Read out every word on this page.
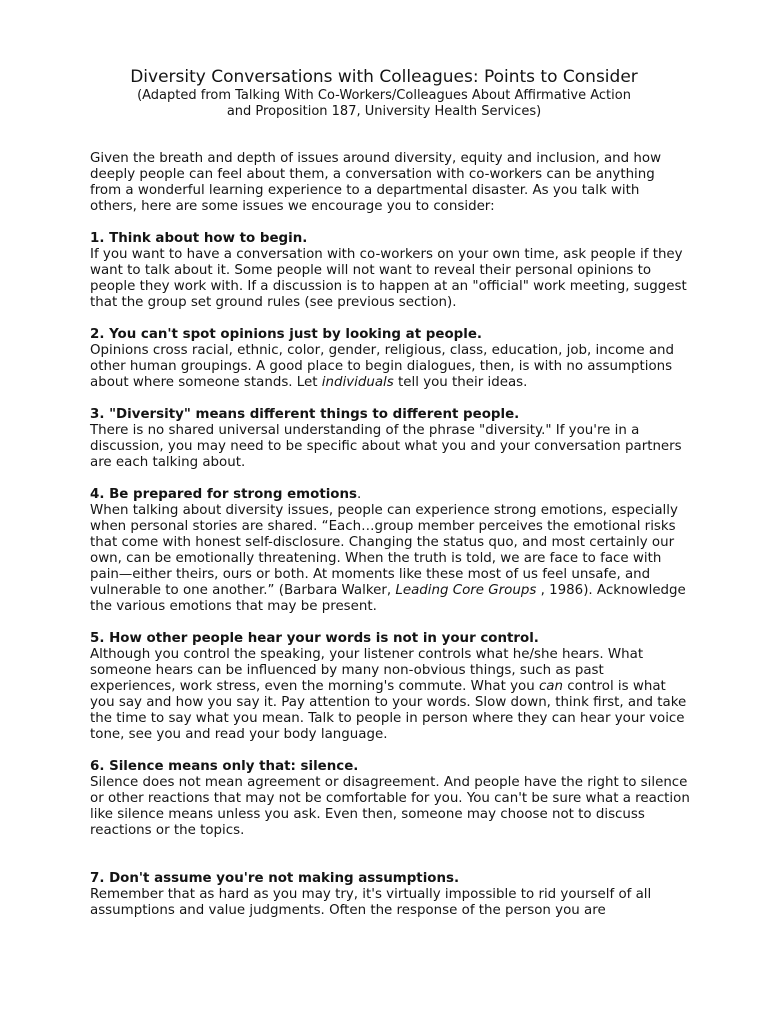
Diversity Conversations with Colleagues: Points to Consider
(Adapted from Talking With Co-Workers/Colleagues About Affirmative Action
and Proposition 187, University Health Services)

Given the breath and depth of issues around diversity, equity and inclusion, and how deeply people can feel about them, a conversation with co-workers can be anything from a wonderful learning experience to a departmental disaster. As you talk with others, here are some issues we encourage you to consider:

1. Think about how to begin.

If you want to have a conversation with co-workers on your own time, ask people if they want to talk about it. Some people will not want to reveal their personal opinions to people they work with. If a discussion is to happen at an "official" work meeting, suggest that the group set ground rules (see previous section).

2. You can't spot opinions just by looking at people.

Opinions cross racial, ethnic, color, gender, religious, class, education, job, income and other human groupings. A good place to begin dialogues, then, is with no assumptions about where someone stands. Let individuals tell you their ideas.

3. "Diversity" means different things to different people.

There is no shared universal understanding of the phrase "diversity." If you're in a discussion, you may need to be specific about what you and your conversation partners are each talking about.

4. Be prepared for strong emotions.

When talking about diversity issues, people can experience strong emotions, especially when personal stories are shared. “Each…group member perceives the emotional risks that come with honest self-disclosure. Changing the status quo, and most certainly our own, can be emotionally threatening. When the truth is told, we are face to face with pain—either theirs, ours or both. At moments like these most of us feel unsafe, and vulnerable to one another.” (Barbara Walker, Leading Core Groups , 1986). Acknowledge the various emotions that may be present.

5. How other people hear your words is not in your control.

Although you control the speaking, your listener controls what he/she hears. What someone hears can be influenced by many non-obvious things, such as past experiences, work stress, even the morning's commute. What you can control is what you say and how you say it. Pay attention to your words. Slow down, think first, and take the time to say what you mean. Talk to people in person where they can hear your voice tone, see you and read your body language.

6. Silence means only that: silence.

Silence does not mean agreement or disagreement. And people have the right to silence or other reactions that may not be comfortable for you. You can't be sure what a reaction like silence means unless you ask. Even then, someone may choose not to discuss reactions or the topics.

7. Don't assume you're not making assumptions.

Remember that as hard as you may try, it's virtually impossible to rid yourself of all assumptions and value judgments. Often the response of the person you are
